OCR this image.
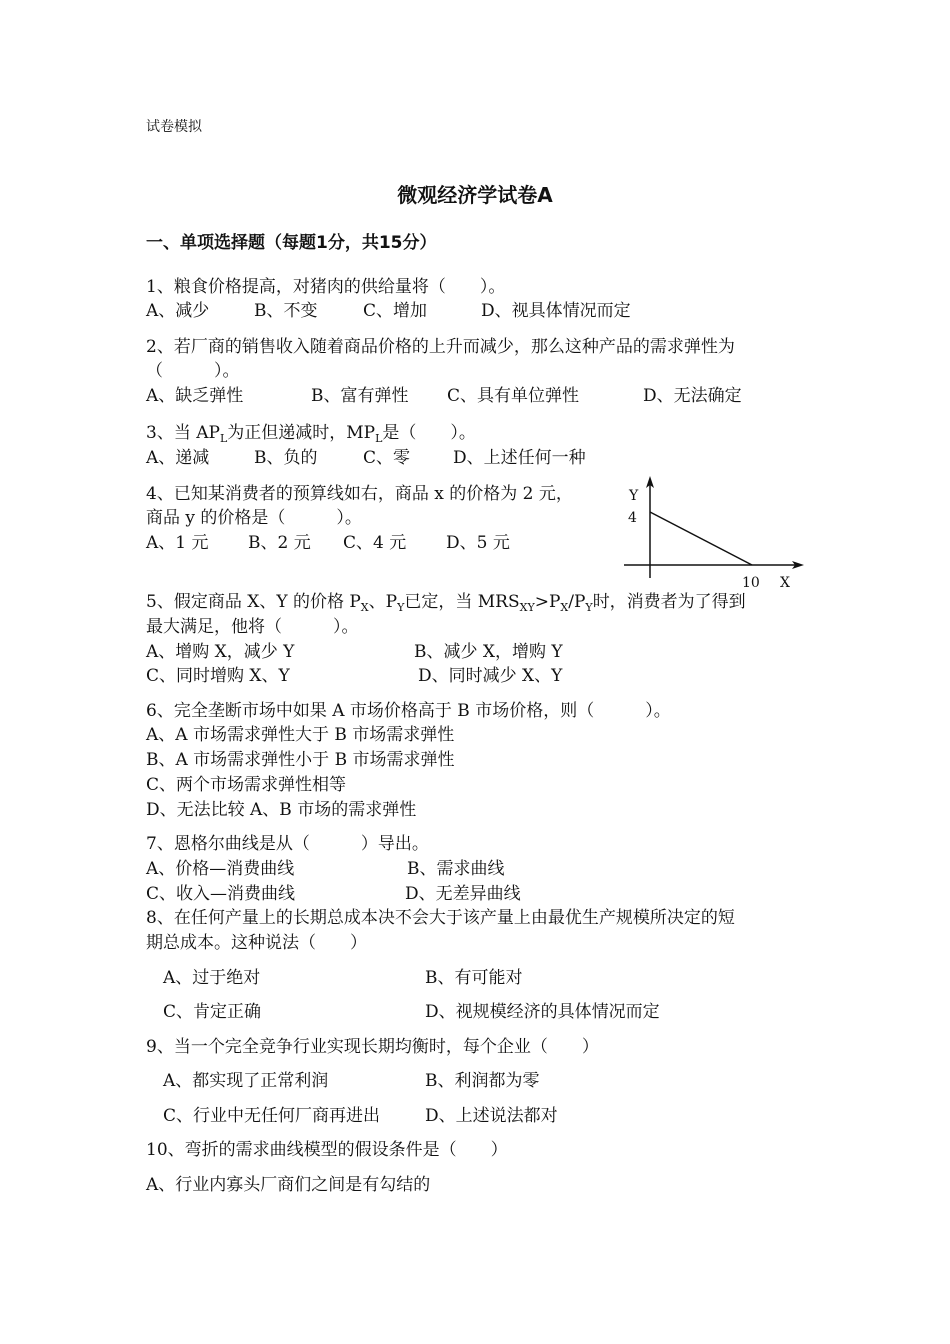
试卷模拟
微观经济学试卷A
一、单项选择题（每题1分，共15分）
1、粮食价格提高，对猪肉的供给量将（　　）。
A、减少	B、不变	C、增加	D、视具体情况而定
2、若厂商的销售收入随着商品价格的上升而减少，那么这种产品的需求弹性为
（　　　）。
A、缺乏弹性	B、富有弹性 C、具有单位弹性	D、无法确定
3、当 $AP_L$为正但递减时，$MP_L$是（　　）。
A、递减	B、负的	C、零	D、上述任何一种
4、已知某消费者的预算线如右，商品 x 的价格为 2 元，
商品 y 的价格是（　　　）。
A、1 元 B、2 元 C、4 元 D、5 元
Y
4
10 X
5、假定商品 X、Y 的价格 $P_X$、$P_Y$已定，当 $MRS_{XY}>P_X/P_Y$时，消费者为了得到
最大满足，他将（　　　）。
A、增购 X，减少 Y	B、减少 X，增购 Y
C、同时增购 X、Y	D、同时减少 X、Y
6、完全垄断市场中如果 A 市场价格高于 B 市场价格，则（　　　）。
A、A 市场需求弹性大于 B 市场需求弹性
B、A 市场需求弹性小于 B 市场需求弹性
C、两个市场需求弹性相等
D、无法比较 A、B 市场的需求弹性
7、恩格尔曲线是从（　　　）导出。
A、价格—消费曲线	B、需求曲线
C、收入—消费曲线	D、无差异曲线
8、在任何产量上的长期总成本决不会大于该产量上由最优生产规模所决定的短
期总成本。这种说法（　　）
A、过于绝对	B、有可能对
C、肯定正确	D、视规模经济的具体情况而定
9、当一个完全竞争行业实现长期均衡时，每个企业（　　）
A、都实现了正常利润	B、利润都为零
C、行业中无任何厂商再进出	D、上述说法都对
10、弯折的需求曲线模型的假设条件是（　　）
A、行业内寡头厂商们之间是有勾结的
